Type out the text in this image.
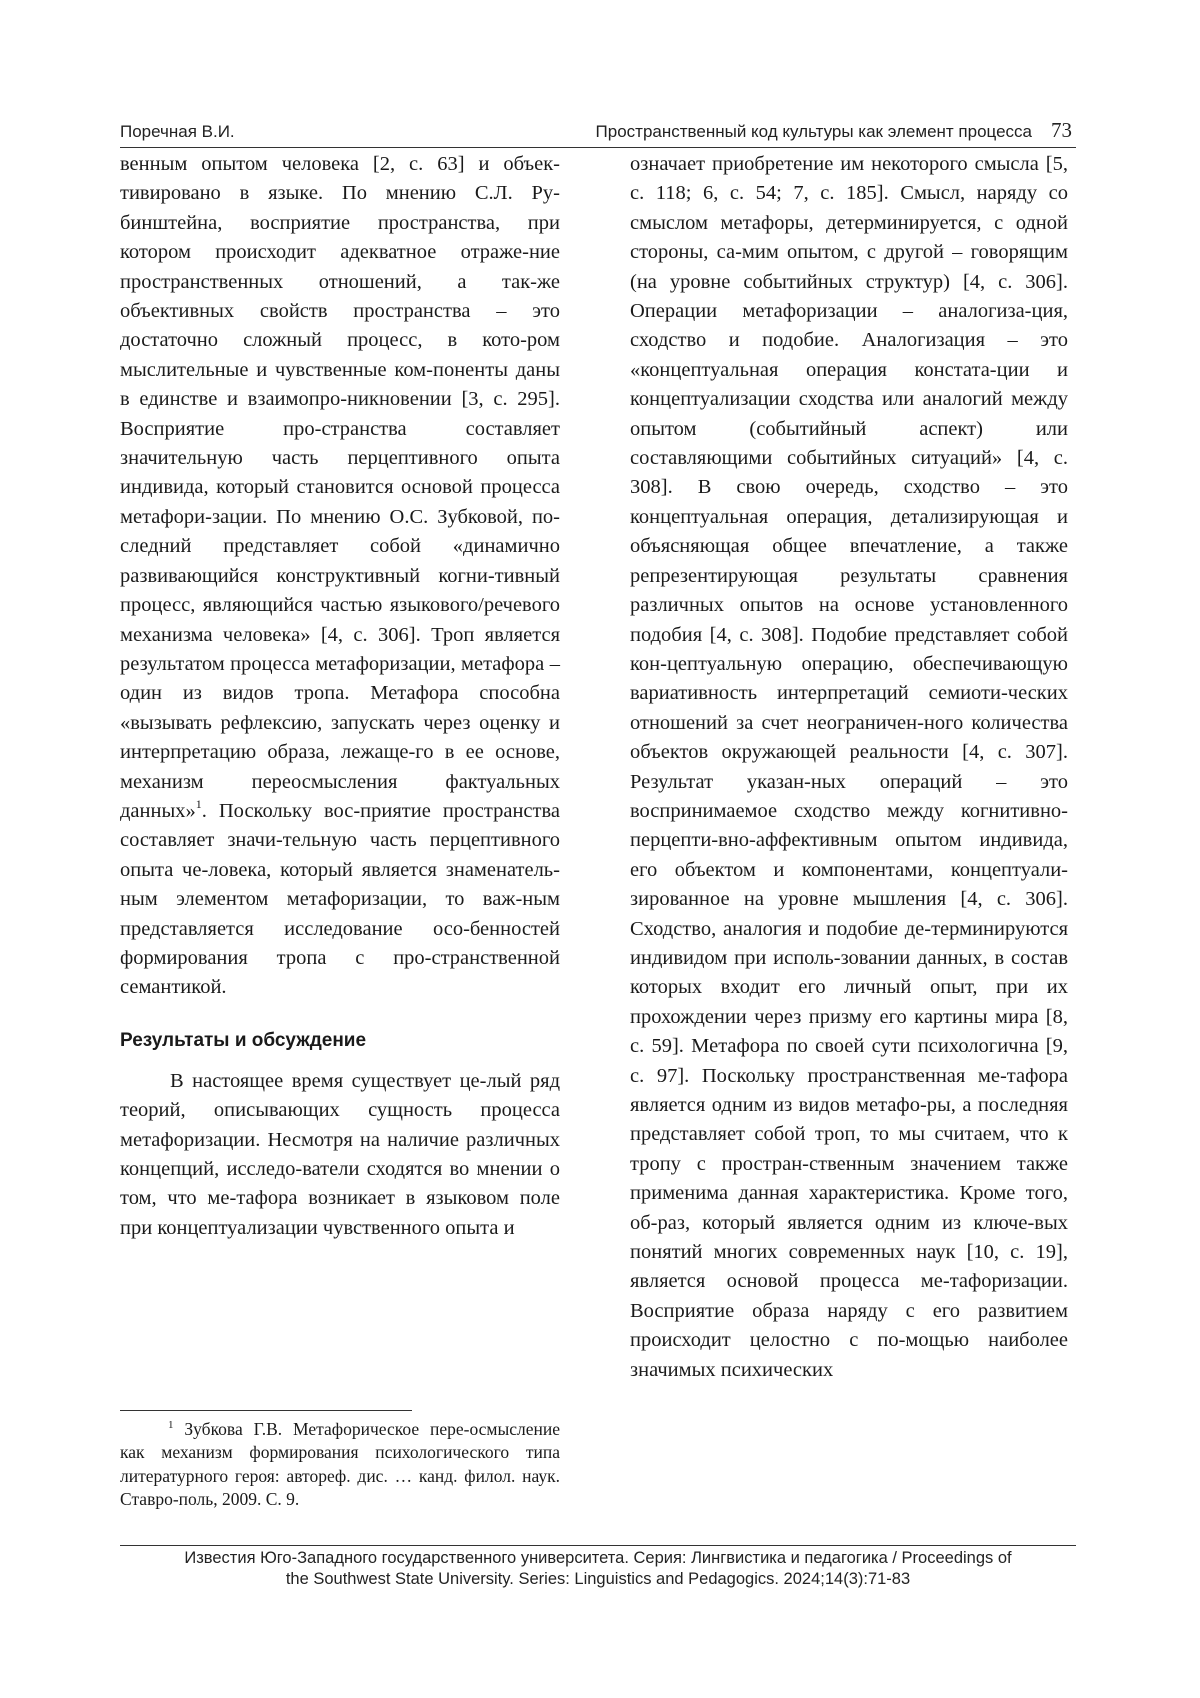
Поречная В.И.	Пространственный код культуры как элемент процесса 73

венным опытом человека [2, с. 63] и объек-тивировано в языке. По мнению С.Л. Ру-бинштейна, восприятие пространства, при котором происходит адекватное отраже-ние пространственных отношений, а так-же объективных свойств пространства – это достаточно сложный процесс, в кото-ром мыслительные и чувственные ком-поненты даны в единстве и взаимопро-никновении [3, с. 295]. Восприятие про-странства составляет значительную часть перцептивного опыта индивида, который становится основой процесса метафори-зации. По мнению О.С. Зубковой, по-следний представляет собой «динамично развивающийся конструктивный когни-тивный процесс, являющийся частью языкового/речевого механизма человека» [4, с. 306]. Троп является результатом процесса метафоризации, метафора – один из видов тропа. Метафора способна «вызывать рефлексию, запускать через оценку и интерпретацию образа, лежаще-го в ее основе, механизм переосмысления фактуальных данных»$^1$. Поскольку вос-приятие пространства составляет значи-тельную часть перцептивного опыта че-ловека, который является знаменатель-ным элементом метафоризации, то важ-ным представляется исследование осо-бенностей формирования тропа с про-странственной семантикой.

Результаты и обсуждение

В настоящее время существует це-лый ряд теорий, описывающих сущность процесса метафоризации. Несмотря на наличие различных концепций, исследо-ватели сходятся во мнении о том, что ме-тафора возникает в языковом поле при концептуализации чувственного опыта и

означает приобретение им некоторого смысла [5, с. 118; 6, с. 54; 7, с. 185]. Смысл, наряду со смыслом метафоры, детерминируется, с одной стороны, са-мим опытом, с другой – говорящим (на уровне событийных структур) [4, с. 306]. Операции метафоризации – аналогиза-ция, сходство и подобие. Аналогизация – это «концептуальная операция констата-ции и концептуализации сходства или аналогий между опытом (событийный аспект) или составляющими событийных ситуаций» [4, с. 308]. В свою очередь, сходство – это концептуальная операция, детализирующая и объясняющая общее впечатление, а также репрезентирующая результаты сравнения различных опытов на основе установленного подобия [4, с. 308]. Подобие представляет собой кон-цептуальную операцию, обеспечивающую вариативность интерпретаций семиоти-ческих отношений за счет неограничен-ного количества объектов окружающей реальности [4, с. 307]. Результат указан-ных операций – это воспринимаемое сходство между когнитивно-перцепти-вно-аффективным опытом индивида, его объектом и компонентами, концептуали-зированное на уровне мышления [4, с. 306]. Сходство, аналогия и подобие де-терминируются индивидом при исполь-зовании данных, в состав которых входит его личный опыт, при их прохождении через призму его картины мира [8, с. 59]. Метафора по своей сути психологична [9, с. 97]. Поскольку пространственная ме-тафора является одним из видов метафо-ры, а последняя представляет собой троп, то мы считаем, что к тропу с простран-ственным значением также применима данная характеристика. Кроме того, об-раз, который является одним из ключе-вых понятий многих современных наук [10, с. 19], является основой процесса ме-тафоризации. Восприятие образа наряду с его развитием происходит целостно с по-мощью наиболее значимых психических

$^1$ Зубкова Г.В. Метафорическое пере-осмысление как механизм формирования психологического типа литературного героя: автореф. дис. … канд. филол. наук. Ставро-поль, 2009. С. 9.

Известия Юго-Западного государственного университета. Серия: Лингвистика и педагогика / Proceedings of
the Southwest State University. Series: Linguistics and Pedagogics. 2024;14(3):71-83
